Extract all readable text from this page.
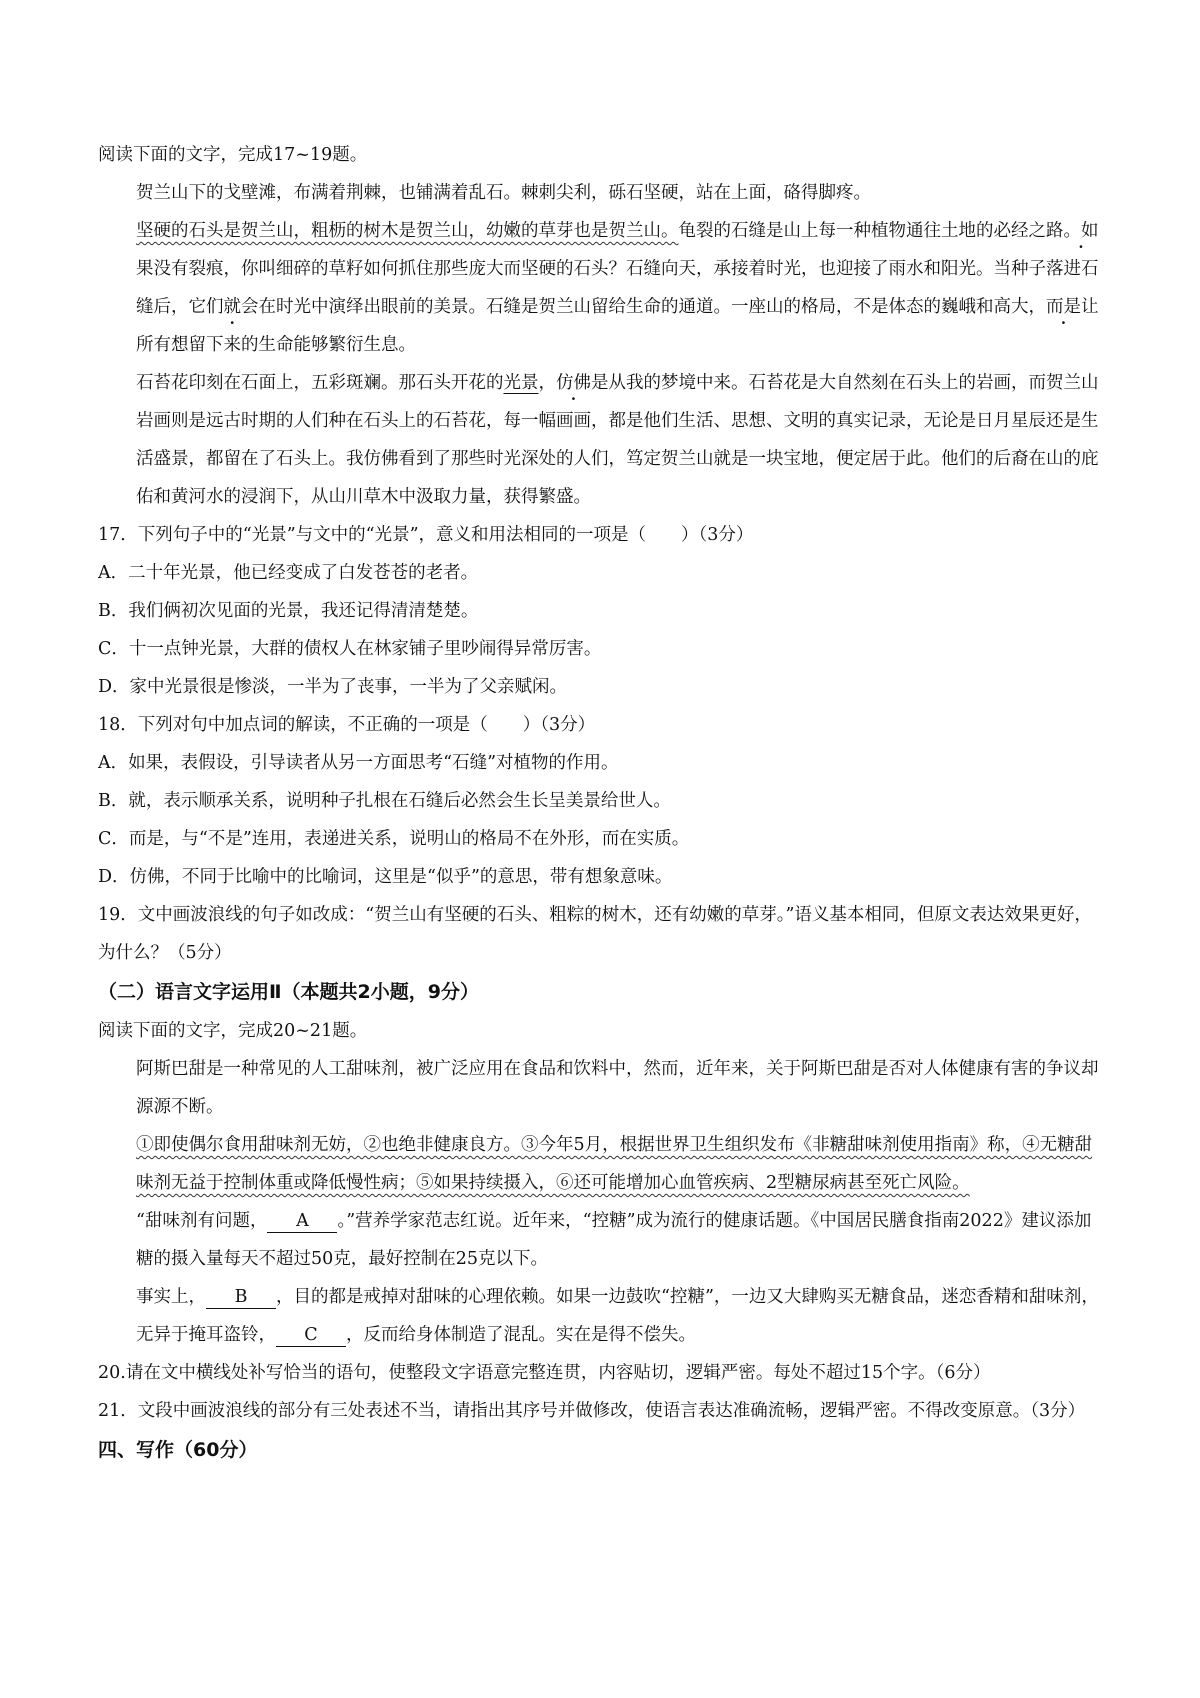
阅读下面的文字，完成17~19题。
贺兰山下的戈壁滩，布满着荆棘，也铺满着乱石。棘刺尖利，砾石坚硬，站在上面，硌得脚疼。
坚硬的石头是贺兰山，粗枥的树木是贺兰山，幼嫩的草芽也是贺兰山。龟裂的石缝是山上每一种植物通往土地的必经之路。如果 ·没有裂痕，你叫细碎的草籽如何抓住那些庞大而坚硬的石头？石缝向天，承接着时光，也迎接了雨水和阳光。当种子落进石缝后，它们就会在时光中演绎出眼前的美景。石缝是贺兰山留给生命的通道。一座山的格局，不是体态的巍峨和高大，而是让所有想留下来的生命能够繁衍生息。
石苔花印刻在石面上，五彩斑斓。那石头开花的光景，仿佛是从我的梦境中来。石苔花是大自然刻在石头上的岩画，而贺兰山岩画则是远古时期的人们种在石头上的石苔花，每一幅画画，都是他们生活、思想、文明的真实记录，无论是日月星辰还是生活盛景，都留在了石头上。我仿佛看到了那些时光深处的人们，笃定贺兰山就是一块宝地，便定居于此。他们的后裔在山的庇佑和黄河水的浸润下，从山川草木中汲取力量，获得繁盛。
17．下列句子中的“光景”与文中的“光景”，意义和用法相同的一项是（　　）（3分）
A．二十年光景，他已经变成了白发苍苍的老者。
B．我们俩初次见面的光景，我还记得清清楚楚。
C．十一点钟光景，大群的债权人在林家铺子里吵闹得异常厉害。
D．家中光景很是惨淡，一半为了丧事，一半为了父亲赋闲。
18．下列对句中加点词的解读，不正确的一项是（　　）（3分）
A．如果，表假设，引导读者从另一方面思考“石缝”对植物的作用。
B．就，表示顺承关系，说明种子扎根在石缝后必然会生长呈美景给世人。
C．而是，与“不是”连用，表递进关系，说明山的格局不在外形，而在实质。
D．仿佛，不同于比喻中的比喻词，这里是“似乎”的意思，带有想象意味。
19．文中画波浪线的句子如改成：“贺兰山有坚硬的石头、粗粽的树木，还有幼嫩的草芽。”语义基本相同，但原文表达效果更好，为什么？（5分）
（二）语言文字运用Ⅱ（本题共2小题，9分）
阅读下面的文字，完成20~21题。
阿斯巴甜是一种常见的人工甜味剂，被广泛应用在食品和饮料中，然而，近年来，关于阿斯巴甜是否对人体健康有害的争议却源源不断。
①即使偶尔食用甜味剂无妨，②也绝非健康良方。③今年5月，根据世界卫生组织发布《非糖甜味剂使用指南》称，④无糖甜味剂无益于控制体重或降低慢性病；⑤如果持续摄入，⑥还可能增加心血管疾病、2型糖尿病甚至死亡风险。
“甜味剂有问题， A 。”营养学家范志红说。近年来，“控糖”成为流行的健康话题。《中国居民膳食指南2022》建议添加糖的摄入量每天不超过50克，最好控制在25克以下。
事实上， B ，目的都是戒掉对甜味的心理依赖。如果一边鼓吹“控糖”，一边又大肆购买无糖食品，迷恋香精和甜味剂，无异于掩耳盗铃， C ，反而给身体制造了混乱。实在是得不偿失。
20.请在文中横线处补写恰当的语句，使整段文字语意完整连贯，内容贴切，逻辑严密。每处不超过15个字。（6分）
21．文段中画波浪线的部分有三处表述不当，请指出其序号并做修改，使语言表达准确流畅，逻辑严密。不得改变原意。（3分）
四、写作（60分）
